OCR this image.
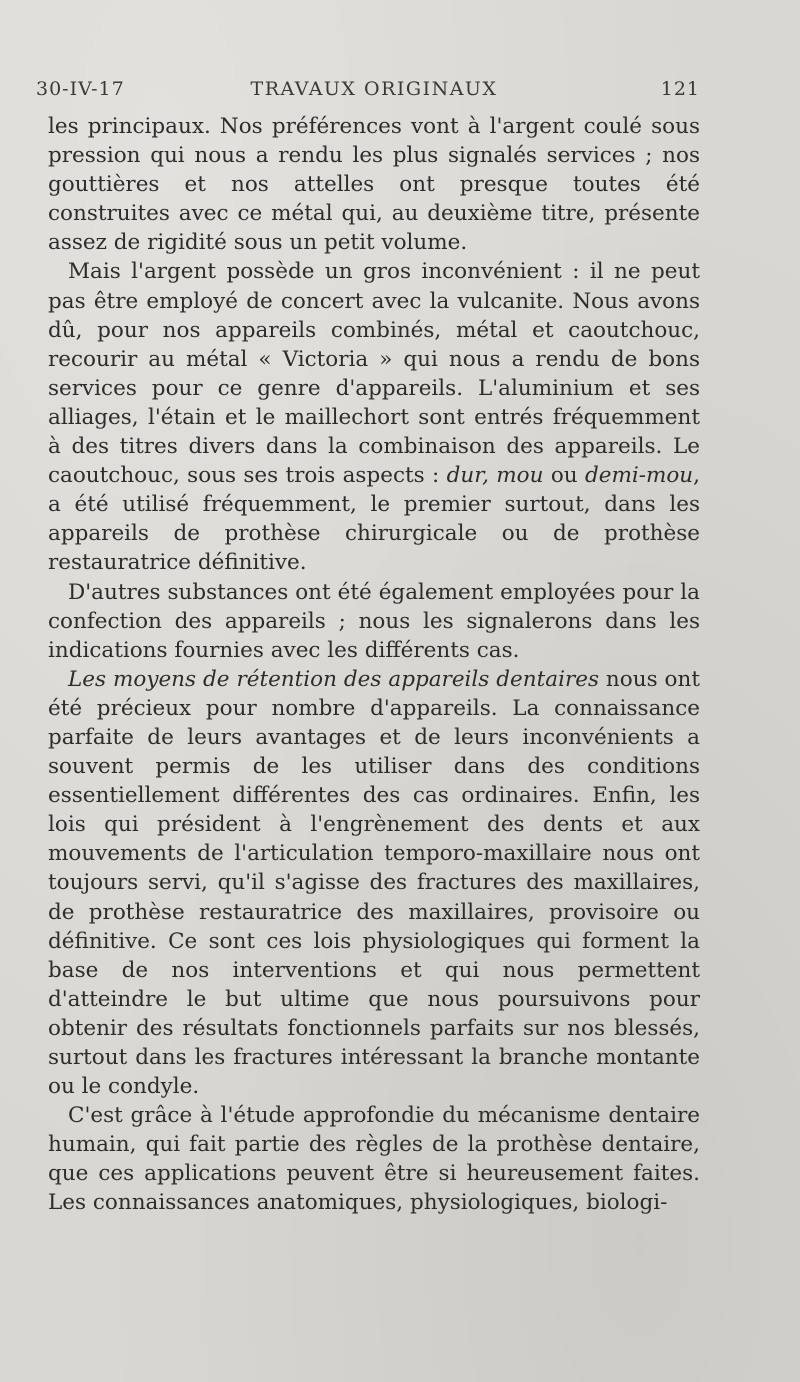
30-IV-17	TRAVAUX ORIGINAUX	121

les principaux. Nos préférences vont à l'argent coulé sous pression qui nous a rendu les plus signalés services ; nos gouttières et nos attelles ont presque toutes été construites avec ce métal qui, au deuxième titre, présente assez de rigidité sous un petit volume.

Mais l'argent possède un gros inconvénient : il ne peut pas être employé de concert avec la vulcanite. Nous avons dû, pour nos appareils combinés, métal et caoutchouc, recourir au métal « Victoria » qui nous a rendu de bons services pour ce genre d'appareils. L'aluminium et ses alliages, l'étain et le maillechort sont entrés fréquemment à des titres divers dans la combinaison des appareils. Le caoutchouc, sous ses trois aspects : dur, mou ou demi-mou, a été utilisé fréquemment, le premier surtout, dans les appareils de prothèse chirurgicale ou de prothèse restauratrice définitive.

D'autres substances ont été également employées pour la confection des appareils ; nous les signalerons dans les indications fournies avec les différents cas.

Les moyens de rétention des appareils dentaires nous ont été précieux pour nombre d'appareils. La connaissance parfaite de leurs avantages et de leurs inconvénients a souvent permis de les utiliser dans des conditions essentiellement différentes des cas ordinaires. Enfin, les lois qui président à l'engrènement des dents et aux mouvements de l'articulation temporo-maxillaire nous ont toujours servi, qu'il s'agisse des fractures des maxillaires, de prothèse restauratrice des maxillaires, provisoire ou définitive. Ce sont ces lois physiologiques qui forment la base de nos interventions et qui nous permettent d'atteindre le but ultime que nous poursuivons pour obtenir des résultats fonctionnels parfaits sur nos blessés, surtout dans les fractures intéressant la branche montante ou le condyle.

C'est grâce à l'étude approfondie du mécanisme dentaire humain, qui fait partie des règles de la prothèse dentaire, que ces applications peuvent être si heureusement faites. Les connaissances anatomiques, physiologiques, biologi-
